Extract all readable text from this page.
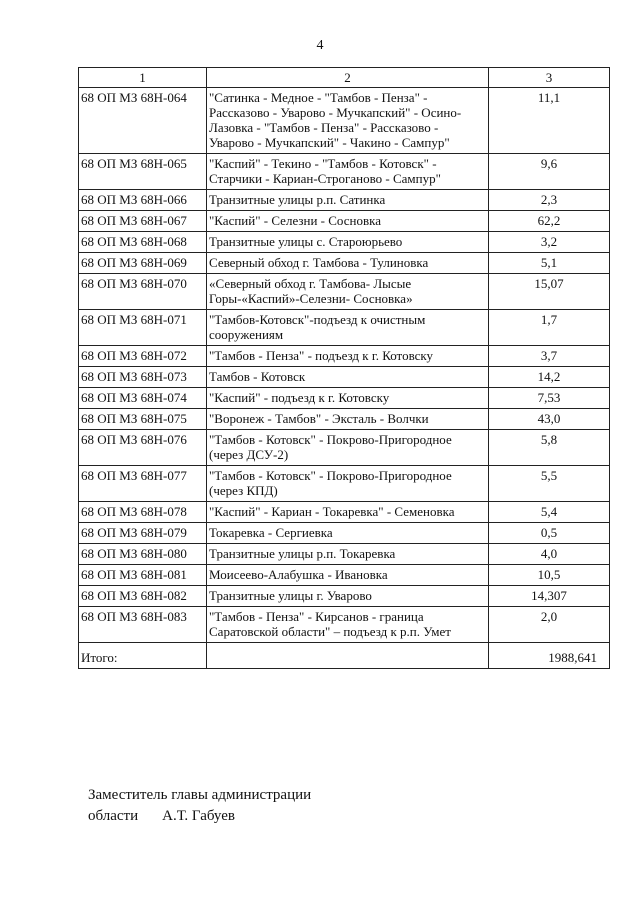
4
1	2	3
68 ОП МЗ 68Н-064	"Сатинка - Медное - "Тамбов - Пенза" - Рассказово - Уварово - Мучкапский" - Осино-Лазовка - "Тамбов - Пенза" - Рассказово - Уварово - Мучкапский" - Чакино - Сампур"	11,1
68 ОП МЗ 68Н-065	"Каспий" - Текино - "Тамбов - Котовск" - Старчики - Кариан-Строганово - Сампур"	9,6
68 ОП МЗ 68Н-066	Транзитные улицы р.п. Сатинка	2,3
68 ОП МЗ 68Н-067	"Каспий" - Селезни - Сосновка	62,2
68 ОП МЗ 68Н-068	Транзитные улицы с. Староюрьево	3,2
68 ОП МЗ 68Н-069	Северный обход г. Тамбова - Тулиновка	5,1
68 ОП МЗ 68Н-070	«Северный обход г. Тамбова- Лысые Горы-«Каспий»-Селезни- Сосновка»	15,07
68 ОП МЗ 68Н-071	"Тамбов-Котовск"-подъезд к очистным сооружениям	1,7
68 ОП МЗ 68Н-072	"Тамбов - Пенза" - подъезд к г. Котовску	3,7
68 ОП МЗ 68Н-073	Тамбов - Котовск	14,2
68 ОП МЗ 68Н-074	"Каспий" - подъезд к г. Котовску	7,53
68 ОП МЗ 68Н-075	"Воронеж - Тамбов" - Эксталь - Волчки	43,0
68 ОП МЗ 68Н-076	"Тамбов - Котовск" - Покрово-Пригородное (через ДСУ-2)	5,8
68 ОП МЗ 68Н-077	"Тамбов - Котовск" - Покрово-Пригородное (через КПД)	5,5
68 ОП МЗ 68Н-078	"Каспий" - Кариан - Токаревка" - Семеновка	5,4
68 ОП МЗ 68Н-079	Токаревка - Сергиевка	0,5
68 ОП МЗ 68Н-080	Транзитные улицы р.п. Токаревка	4,0
68 ОП МЗ 68Н-081	Моисеево-Алабушка - Ивановка	10,5
68 ОП МЗ 68Н-082	Транзитные улицы г. Уварово	14,307
68 ОП МЗ 68Н-083	"Тамбов - Пенза" - Кирсанов - граница Саратовской области" – подъезд к р.п. Умет	2,0
Итого:		1988,641
Заместитель главы администрации
области А.Т. Габуев
